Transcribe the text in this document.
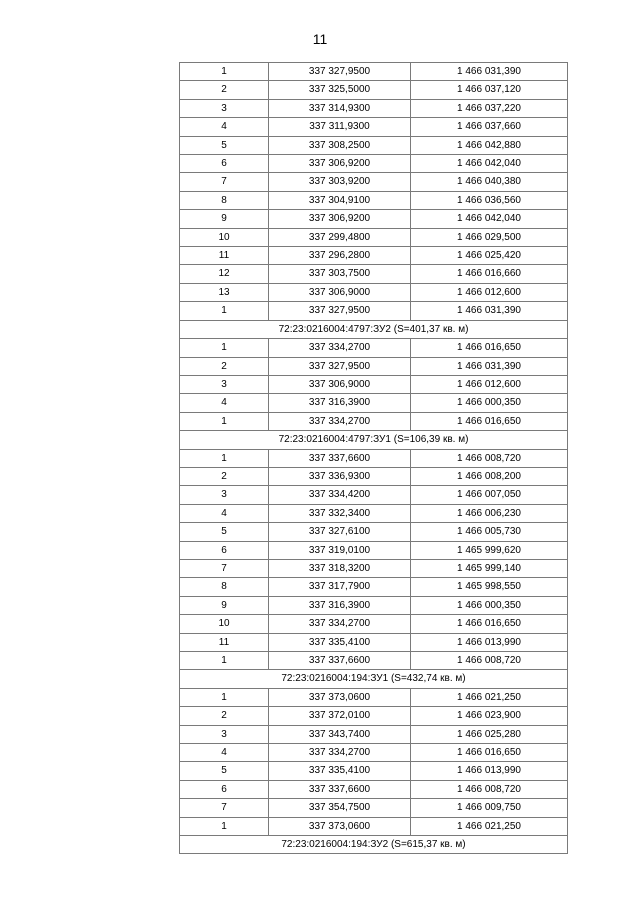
11
1	337 327,9500	1 466 031,390
2	337 325,5000	1 466 037,120
3	337 314,9300	1 466 037,220
4	337 311,9300	1 466 037,660
5	337 308,2500	1 466 042,880
6	337 306,9200	1 466 042,040
7	337 303,9200	1 466 040,380
8	337 304,9100	1 466 036,560
9	337 306,9200	1 466 042,040
10	337 299,4800	1 466 029,500
11	337 296,2800	1 466 025,420
12	337 303,7500	1 466 016,660
13	337 306,9000	1 466 012,600
1	337 327,9500	1 466 031,390
72:23:0216004:4797:ЗУ2 (S=401,37 кв. м)		
1	337 334,2700	1 466 016,650
2	337 327,9500	1 466 031,390
3	337 306,9000	1 466 012,600
4	337 316,3900	1 466 000,350
1	337 334,2700	1 466 016,650
72:23:0216004:4797:ЗУ1 (S=106,39 кв. м)		
1	337 337,6600	1 466 008,720
2	337 336,9300	1 466 008,200
3	337 334,4200	1 466 007,050
4	337 332,3400	1 466 006,230
5	337 327,6100	1 466 005,730
6	337 319,0100	1 465 999,620
7	337 318,3200	1 465 999,140
8	337 317,7900	1 465 998,550
9	337 316,3900	1 466 000,350
10	337 334,2700	1 466 016,650
11	337 335,4100	1 466 013,990
1	337 337,6600	1 466 008,720
72:23:0216004:194:ЗУ1 (S=432,74 кв. м)		
1	337 373,0600	1 466 021,250
2	337 372,0100	1 466 023,900
3	337 343,7400	1 466 025,280
4	337 334,2700	1 466 016,650
5	337 335,4100	1 466 013,990
6	337 337,6600	1 466 008,720
7	337 354,7500	1 466 009,750
1	337 373,0600	1 466 021,250
72:23:0216004:194:ЗУ2 (S=615,37 кв. м)		
